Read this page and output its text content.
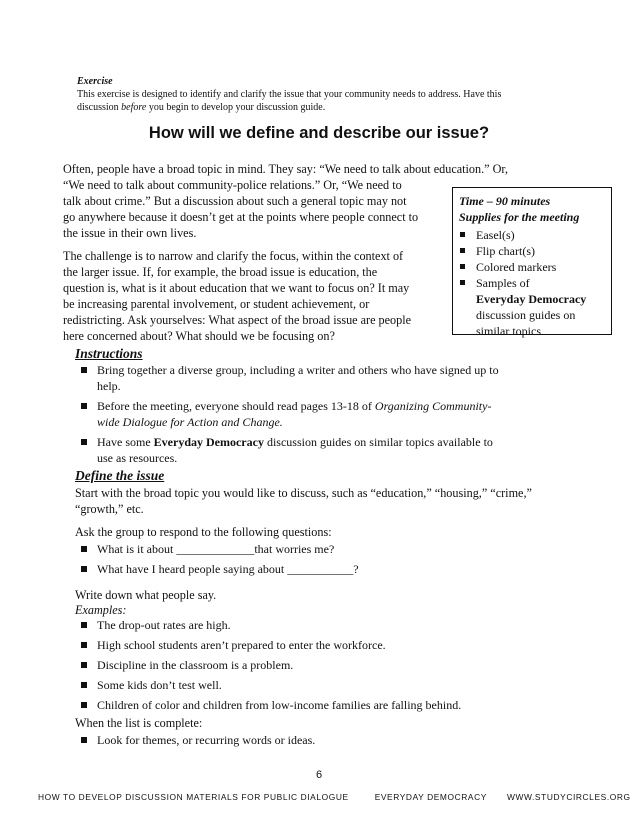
Exercise
This exercise is designed to identify and clarify the issue that your community needs to address. Have this
discussion before you begin to develop your discussion guide.
How will we define and describe our issue?
Often, people have a broad topic in mind. They say: “We need to talk about education.” Or,
“We need to talk about community-police relations.” Or, “We need to
talk about crime.” But a discussion about such a general topic may not
go anywhere because it doesn’t get at the points where people connect to
the issue in their own lives.
The challenge is to narrow and clarify the focus, within the context of
the larger issue. If, for example, the broad issue is education, the
question is, what is it about education that we want to focus on? It may
be increasing parental involvement, or student achievement, or
redistricting. Ask yourselves: What aspect of the broad issue are people
here concerned about? What should we be focusing on?
Time – 90 minutes
Supplies for the meeting
Easel(s)
Flip chart(s)
Colored markers
Samples of
Everyday Democracy
discussion guides on
similar topics
Instructions
Bring together a diverse group, including a writer and others who have signed up to
help.
Before the meeting, everyone should read pages 13-18 of Organizing Community-
wide Dialogue for Action and Change.
Have some Everyday Democracy discussion guides on similar topics available to
use as resources.
Define the issue
Start with the broad topic you would like to discuss, such as “education,” “housing,” “crime,”
“growth,” etc.
Ask the group to respond to the following questions:
What is it about _____________that worries me?
What have I heard people saying about ___________?
Write down what people say.
Examples:
The drop-out rates are high.
High school students aren’t prepared to enter the workforce.
Discipline in the classroom is a problem.
Some kids don’t test well.
Children of color and children from low-income families are falling behind.
When the list is complete:
Look for themes, or recurring words or ideas.
6
HOW TO DEVELOP DISCUSSION MATERIALS FOR PUBLIC DIALOGUE	EVERYDAY DEMOCRACY WWW.STUDYCIRCLES.ORG
